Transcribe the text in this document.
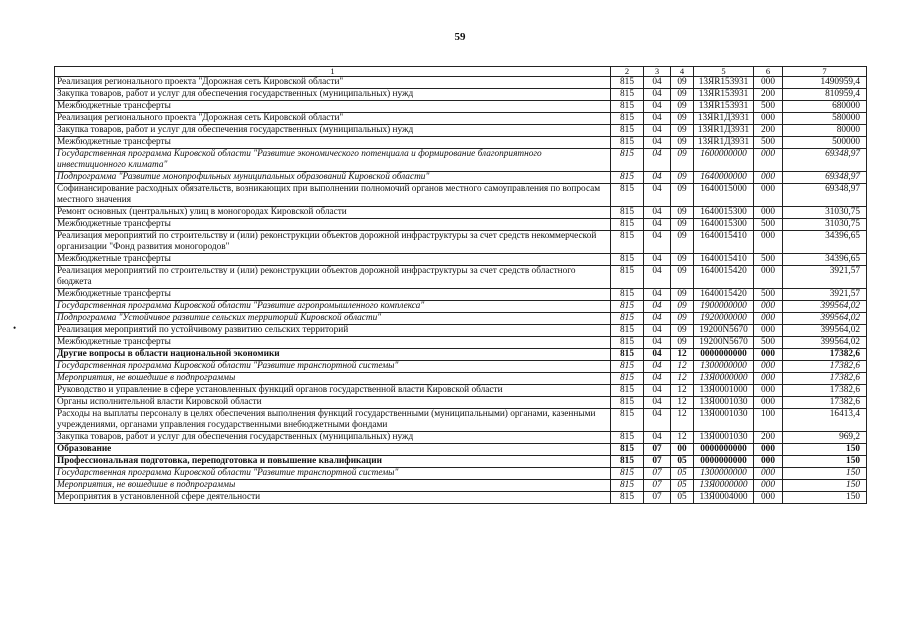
59
•
1	2	3	4	5	6	7
Реализация регионального проекта "Дорожная сеть Кировской области"	815	04	09	13ЯR153931	000	1490959,4
Закупка товаров, работ и услуг для обеспечения государственных (муниципальных) нужд	815	04	09	13ЯR153931	200	810959,4
Межбюджетные трансферты	815	04	09	13ЯR153931	500	680000
Реализация регионального проекта "Дорожная сеть Кировской области"	815	04	09	13ЯR1Д3931	000	580000
Закупка товаров, работ и услуг для обеспечения государственных (муниципальных) нужд	815	04	09	13ЯR1Д3931	200	80000
Межбюджетные трансферты	815	04	09	13ЯR1Д3931	500	500000
Государственная программа Кировской области "Развитие экономического потенциала и формирование благоприятного инвестиционного климата"	815	04	09	1600000000	000	69348,97
Подпрограмма "Развитие монопрофильных муниципальных образований Кировской области"	815	04	09	1640000000	000	69348,97
Софинансирование расходных обязательств, возникающих при выполнении полномочий органов местного самоуправления по вопросам местного значения	815	04	09	1640015000	000	69348,97
Ремонт основных (центральных) улиц в моногородах Кировской области	815	04	09	1640015300	000	31030,75
Межбюджетные трансферты	815	04	09	1640015300	500	31030,75
Реализация мероприятий по строительству и (или) реконструкции объектов дорожной инфраструктуры за счет средств некоммерческой организации "Фонд развития моногородов"	815	04	09	1640015410	000	34396,65
Межбюджетные трансферты	815	04	09	1640015410	500	34396,65
Реализация мероприятий по строительству и (или) реконструкции объектов дорожной инфраструктуры за счет средств областного бюджета	815	04	09	1640015420	000	3921,57
Межбюджетные трансферты	815	04	09	1640015420	500	3921,57
Государственная программа Кировской области "Развитие агропромышленного комплекса"	815	04	09	1900000000	000	399564,02
Подпрограмма "Устойчивое развитие сельских территорий Кировской области"	815	04	09	1920000000	000	399564,02
Реализация мероприятий по устойчивому развитию сельских территорий	815	04	09	19200N5670	000	399564,02
Межбюджетные трансферты	815	04	09	19200N5670	500	399564,02
Другие вопросы в области национальной экономики	815	04	12	0000000000	000	17382,6
Государственная программа Кировской области "Развитие транспортной системы"	815	04	12	1300000000	000	17382,6
Мероприятия, не вошедшие в подпрограммы	815	04	12	13Я0000000	000	17382,6
Руководство и управление в сфере установленных функций органов государственной власти Кировской области	815	04	12	13Я0001000	000	17382,6
Органы исполнительной власти Кировской области	815	04	12	13Я0001030	000	17382,6
Расходы на выплаты персоналу в целях обеспечения выполнения функций государственными (муниципальными) органами, казенными учреждениями, органами управления государственными внебюджетными фондами	815	04	12	13Я0001030	100	16413,4
Закупка товаров, работ и услуг для обеспечения государственных (муниципальных) нужд	815	04	12	13Я0001030	200	969,2
Образование	815	07	00	0000000000	000	150
Профессиональная подготовка, переподготовка и повышение квалификации	815	07	05	0000000000	000	150
Государственная программа Кировской области "Развитие транспортной системы"	815	07	05	1300000000	000	150
Мероприятия, не вошедшие в подпрограммы	815	07	05	13Я0000000	000	150
Мероприятия в установленной сфере деятельности	815	07	05	13Я0004000	000	150
